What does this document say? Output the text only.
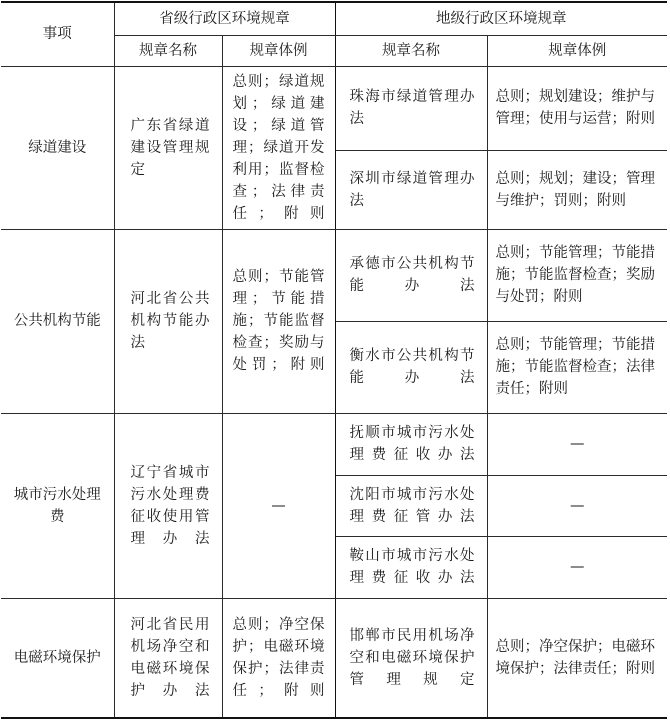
事项	省级行政区环境规章		地级行政区环境规章	
	规章名称	规章体例	规章名称	规章体例
绿道建设	广东省绿道建设管理规定	总则；绿道规划；绿道建设；绿道管理；绿道开发利用；监督检查；法律责任；附则	珠海市绿道管理办法	总则；规划建设；维护与管理；使用与运营；附则
			深圳市绿道管理办法	总则；规划；建设；管理与维护；罚则；附则
公共机构节能	河北省公共机构节能办法	总则；节能管理；节能措施；节能监督检查；奖励与处罚；附则	承德市公共机构节能办法	总则；节能管理；节能措施；节能监督检查；奖励与处罚；附则
			衡水市公共机构节能办法	总则；节能管理；节能措施；节能监督检查；法律责任；附则
城市污水处理费	辽宁省城市污水处理费征收使用管理办法	—	抚顺市城市污水处理费征收办法	—
			沈阳市城市污水处理费征管办法	—
			鞍山市城市污水处理费征收办法	—
电磁环境保护	河北省民用机场净空和电磁环境保护办法	总则；净空保护；电磁环境保护；法律责任；附则	邯郸市民用机场净空和电磁环境保护管理规定	总则；净空保护；电磁环境保护；法律责任；附则
